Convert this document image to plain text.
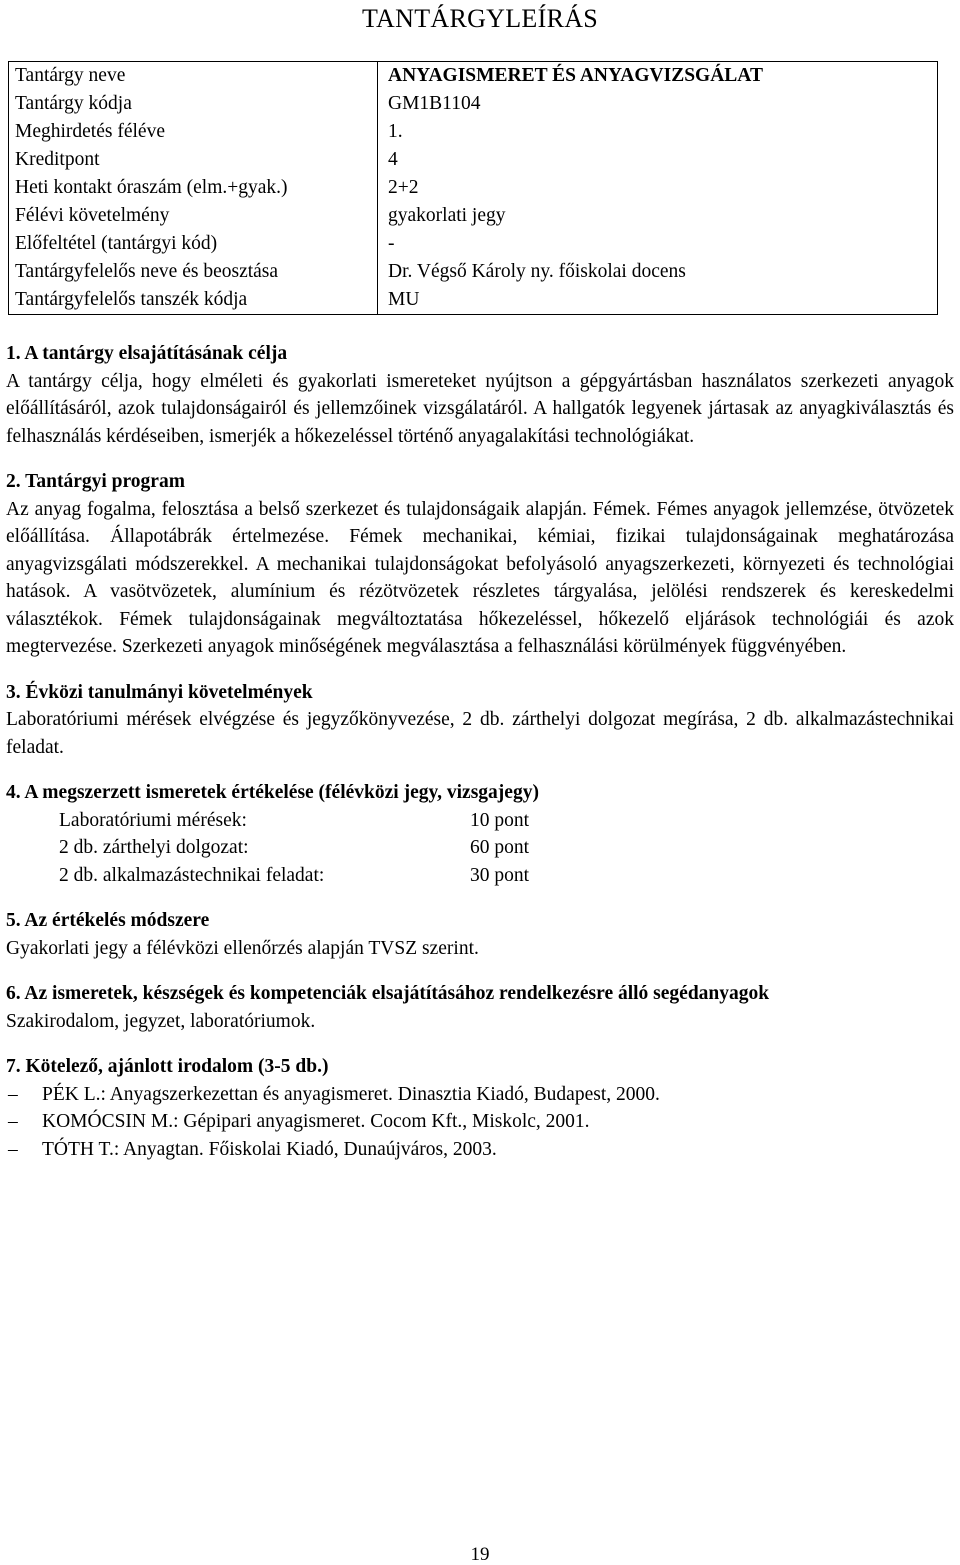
TANTÁRGYLEÍRÁS
Tantárgy neve	ANYAGISMERET ÉS ANYAGVIZSGÁLAT
Tantárgy kódja	GM1B1104
Meghirdetés féléve	1.
Kreditpont	4
Heti kontakt óraszám (elm.+gyak.)	2+2
Félévi követelmény	gyakorlati jegy
Előfeltétel (tantárgyi kód)	-
Tantárgyfelelős neve és beosztása	Dr. Végső Károly ny. főiskolai docens
Tantárgyfelelős tanszék kódja	MU

1. A tantárgy elsajátításának célja

A tantárgy célja, hogy elméleti és gyakorlati ismereteket nyújtson a gépgyártásban használatos szerkezeti anyagok előállításáról, azok tulajdonságairól és jellemzőinek vizsgálatáról. A hallgatók legyenek jártasak az anyagkiválasztás és felhasználás kérdéseiben, ismerjék a hőkezeléssel történő anyagalakítási technológiákat.

2. Tantárgyi program

Az anyag fogalma, felosztása a belső szerkezet és tulajdonságaik alapján. Fémek. Fémes anyagok jellemzése, ötvözetek előállítása. Állapotábrák értelmezése. Fémek mechanikai, kémiai, fizikai tulajdonságainak meghatározása anyagvizsgálati módszerekkel. A mechanikai tulajdonságokat befolyásoló anyagszerkezeti, környezeti és technológiai hatások. A vasötvözetek, alumínium és rézötvözetek részletes tárgyalása, jelölési rendszerek és kereskedelmi választékok. Fémek tulajdonságainak megváltoztatása hőkezeléssel, hőkezelő eljárások technológiái és azok megtervezése. Szerkezeti anyagok minőségének megválasztása a felhasználási körülmények függvényében.

3. Évközi tanulmányi követelmények

Laboratóriumi mérések elvégzése és jegyzőkönyvezése, 2 db. zárthelyi dolgozat megírása, 2 db. alkalmazástechnikai feladat.

4. A megszerzett ismeretek értékelése (félévközi jegy, vizsgajegy)

Laboratóriumi mérések:	10 pont
2 db. zárthelyi dolgozat:	60 pont
2 db. alkalmazástechnikai feladat:	30 pont

5. Az értékelés módszere

Gyakorlati jegy a félévközi ellenőrzés alapján TVSZ szerint.

6. Az ismeretek, készségek és kompetenciák elsajátításához rendelkezésre álló segédanyagok

Szakirodalom, jegyzet, laboratóriumok.

7. Kötelező, ajánlott irodalom (3-5 db.)

–	PÉK L.: Anyagszerkezettan és anyagismeret. Dinasztia Kiadó, Budapest, 2000.
–	KOMÓCSIN M.: Gépipari anyagismeret. Cocom Kft., Miskolc, 2001.
–	TÓTH T.: Anyagtan. Főiskolai Kiadó, Dunaújváros, 2003.
19
